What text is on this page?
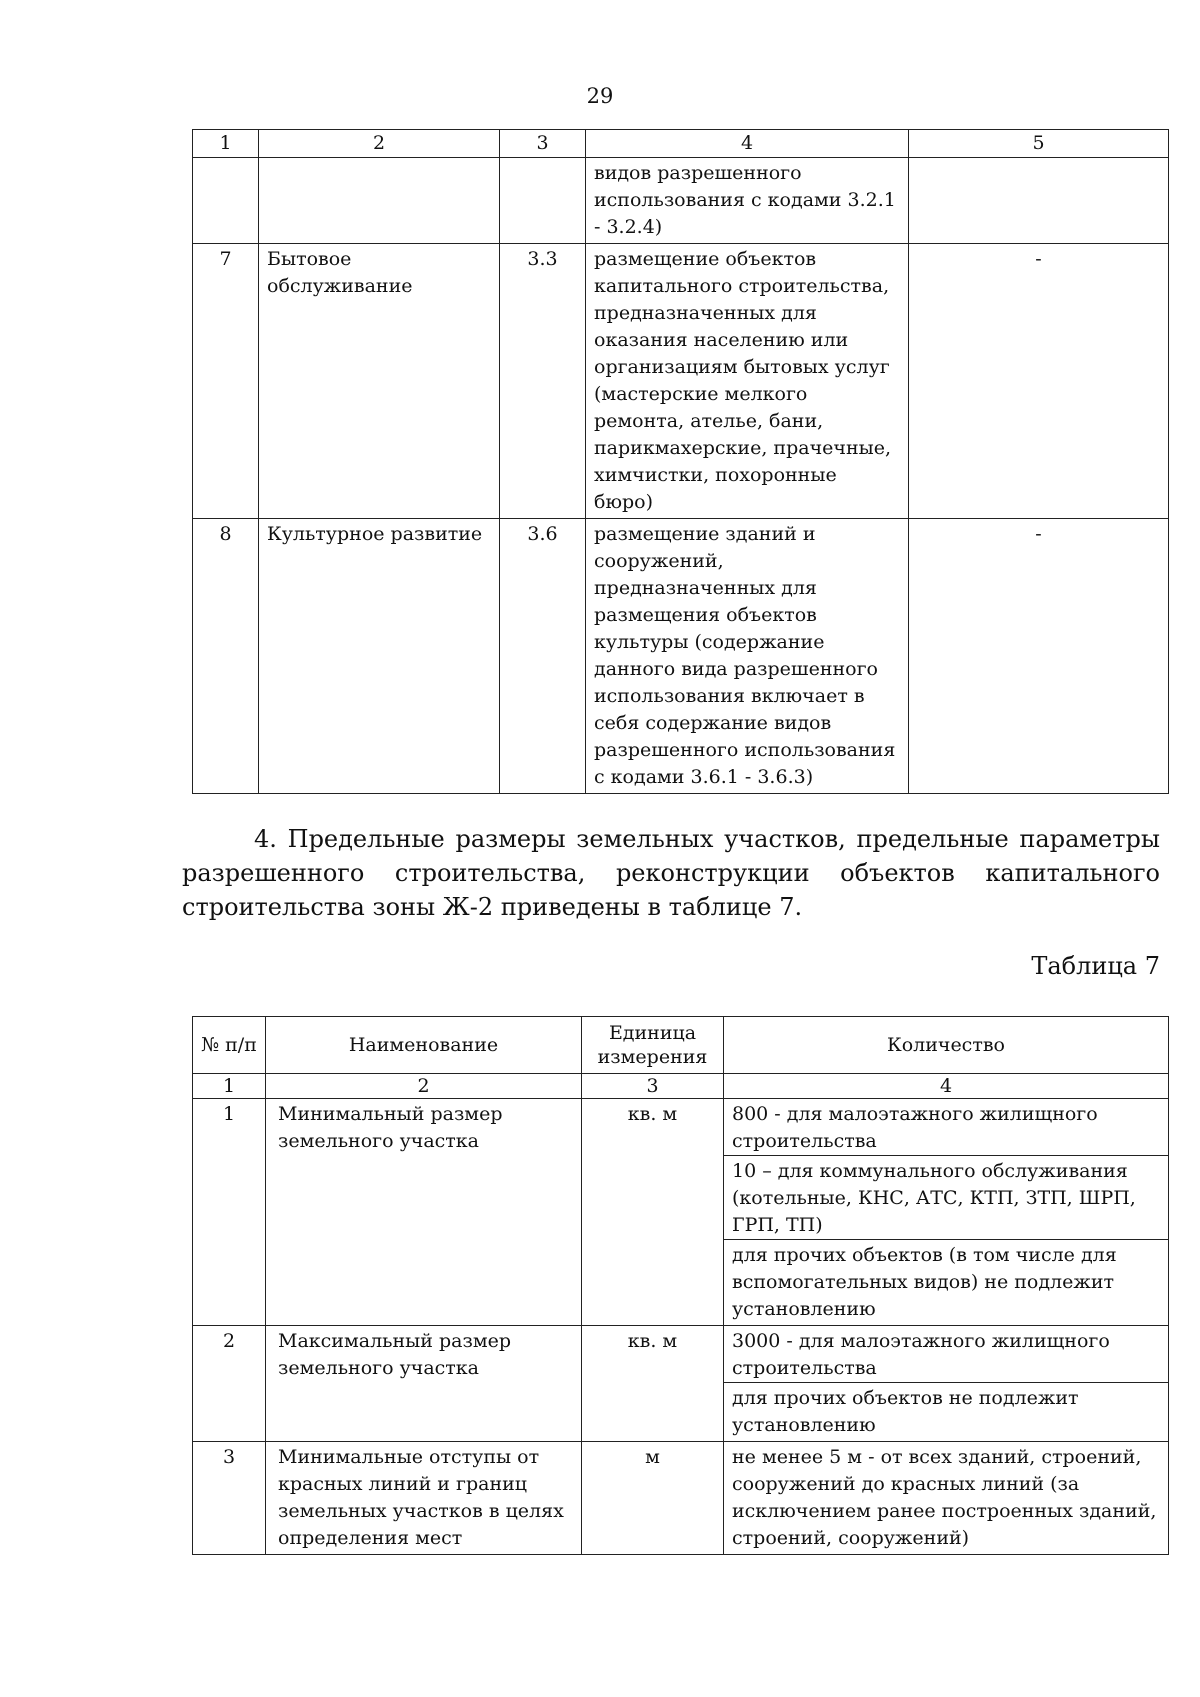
29
1	2	3	4	5
			видов разрешенного использования с кодами 3.2.1 - 3.2.4)	
7	Бытовое обслуживание	3.3	размещение объектов капитального строительства, предназначенных для оказания населению или организациям бытовых услуг (мастерские мелкого ремонта, ателье, бани, парикмахерские, прачечные, химчистки, похоронные бюро)	-
8	Культурное развитие	3.6	размещение зданий и сооружений, предназначенных для размещения объектов культуры (содержание данного вида разрешенного использования включает в себя содержание видов разрешенного использования с кодами 3.6.1 - 3.6.3)	-
4. Предельные размеры земельных участков, предельные параметры разрешенного строительства, реконструкции объектов капитального строительства зоны Ж-2 приведены в таблице 7.
Таблица 7
№ п/п	Наименование	Единица измерения	Количество
1	2	3	4
1	Минимальный размер земельного участка	кв. м	800 - для малоэтажного жилищного строительства
10 – для коммунального обслуживания (котельные, КНС, АТС, КТП, ЗТП, ШРП, ГРП, ТП)
для прочих объектов (в том числе для вспомогательных видов) не подлежит установлению

2	Максимальный размер земельного участка	кв. м	3000 - для малоэтажного жилищного строительства
для прочих объектов не подлежит установлению

3	Минимальные отступы от красных линий и границ земельных участков в целях определения мест	м	не менее 5 м - от всех зданий, строений, сооружений до красных линий (за исключением ранее построенных зданий, строений, сооружений)
